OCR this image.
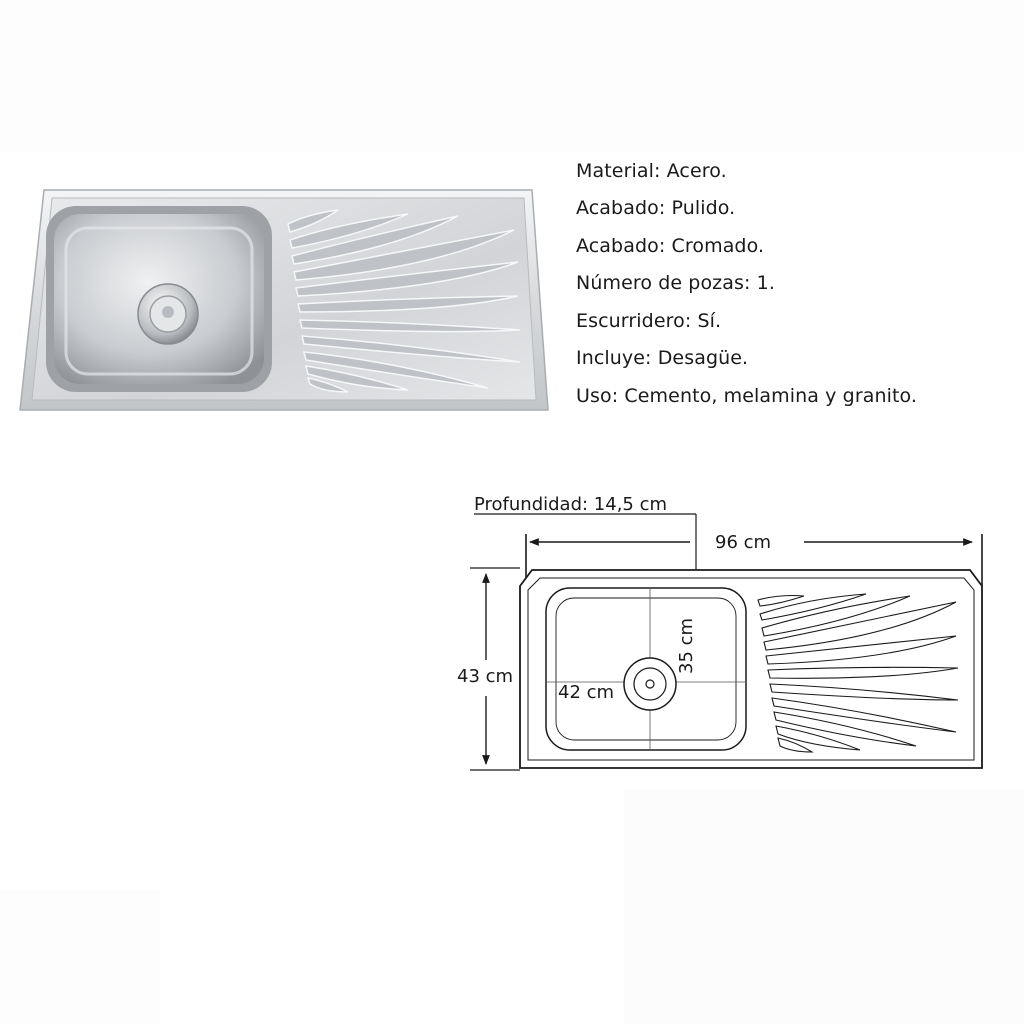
Material : Acero.
Acabado : Pulido.
Acabado : Cromado.
Número de pozas : 1.
Escurridero : Sí.
Incluye : Desagüe.
Uso : Cemento, melamina y granito.
Profundidad: 14,5 cm
96 cm
43 cm
42 cm
35 cm
